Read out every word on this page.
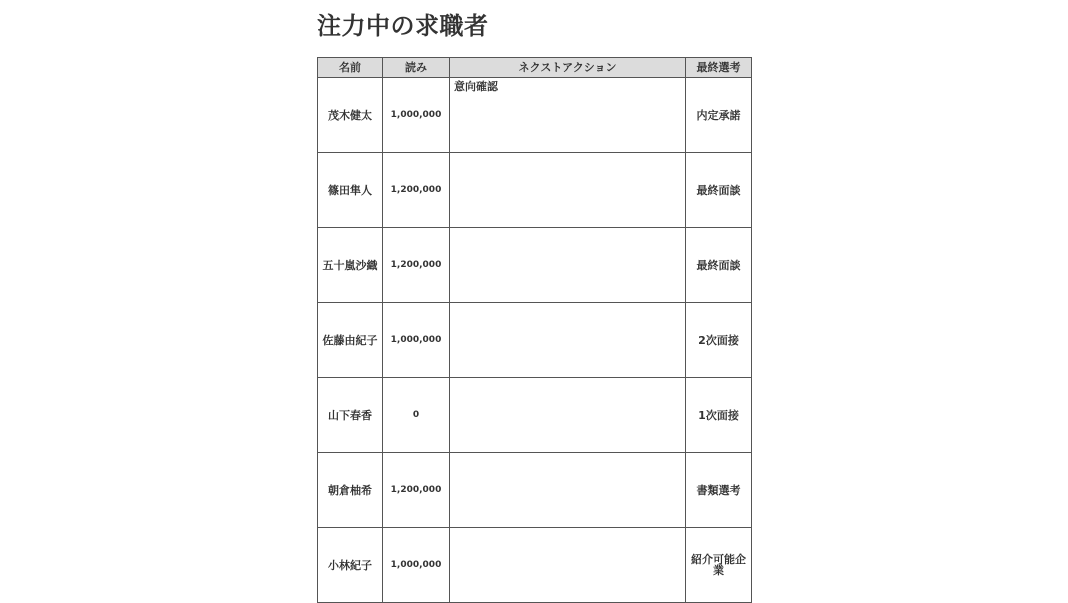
注力中の求職者
名前	読み	ネクストアクション	最終選考
茂木健太	1,000,000	意向確認	内定承諾
篠田隼人	1,200,000		最終面談
五十嵐沙織	1,200,000		最終面談
佐藤由紀子	1,000,000		2次面接
山下春香	0		1次面接
朝倉柚希	1,200,000		書類選考
小林紀子	1,000,000		紹介可能企業
